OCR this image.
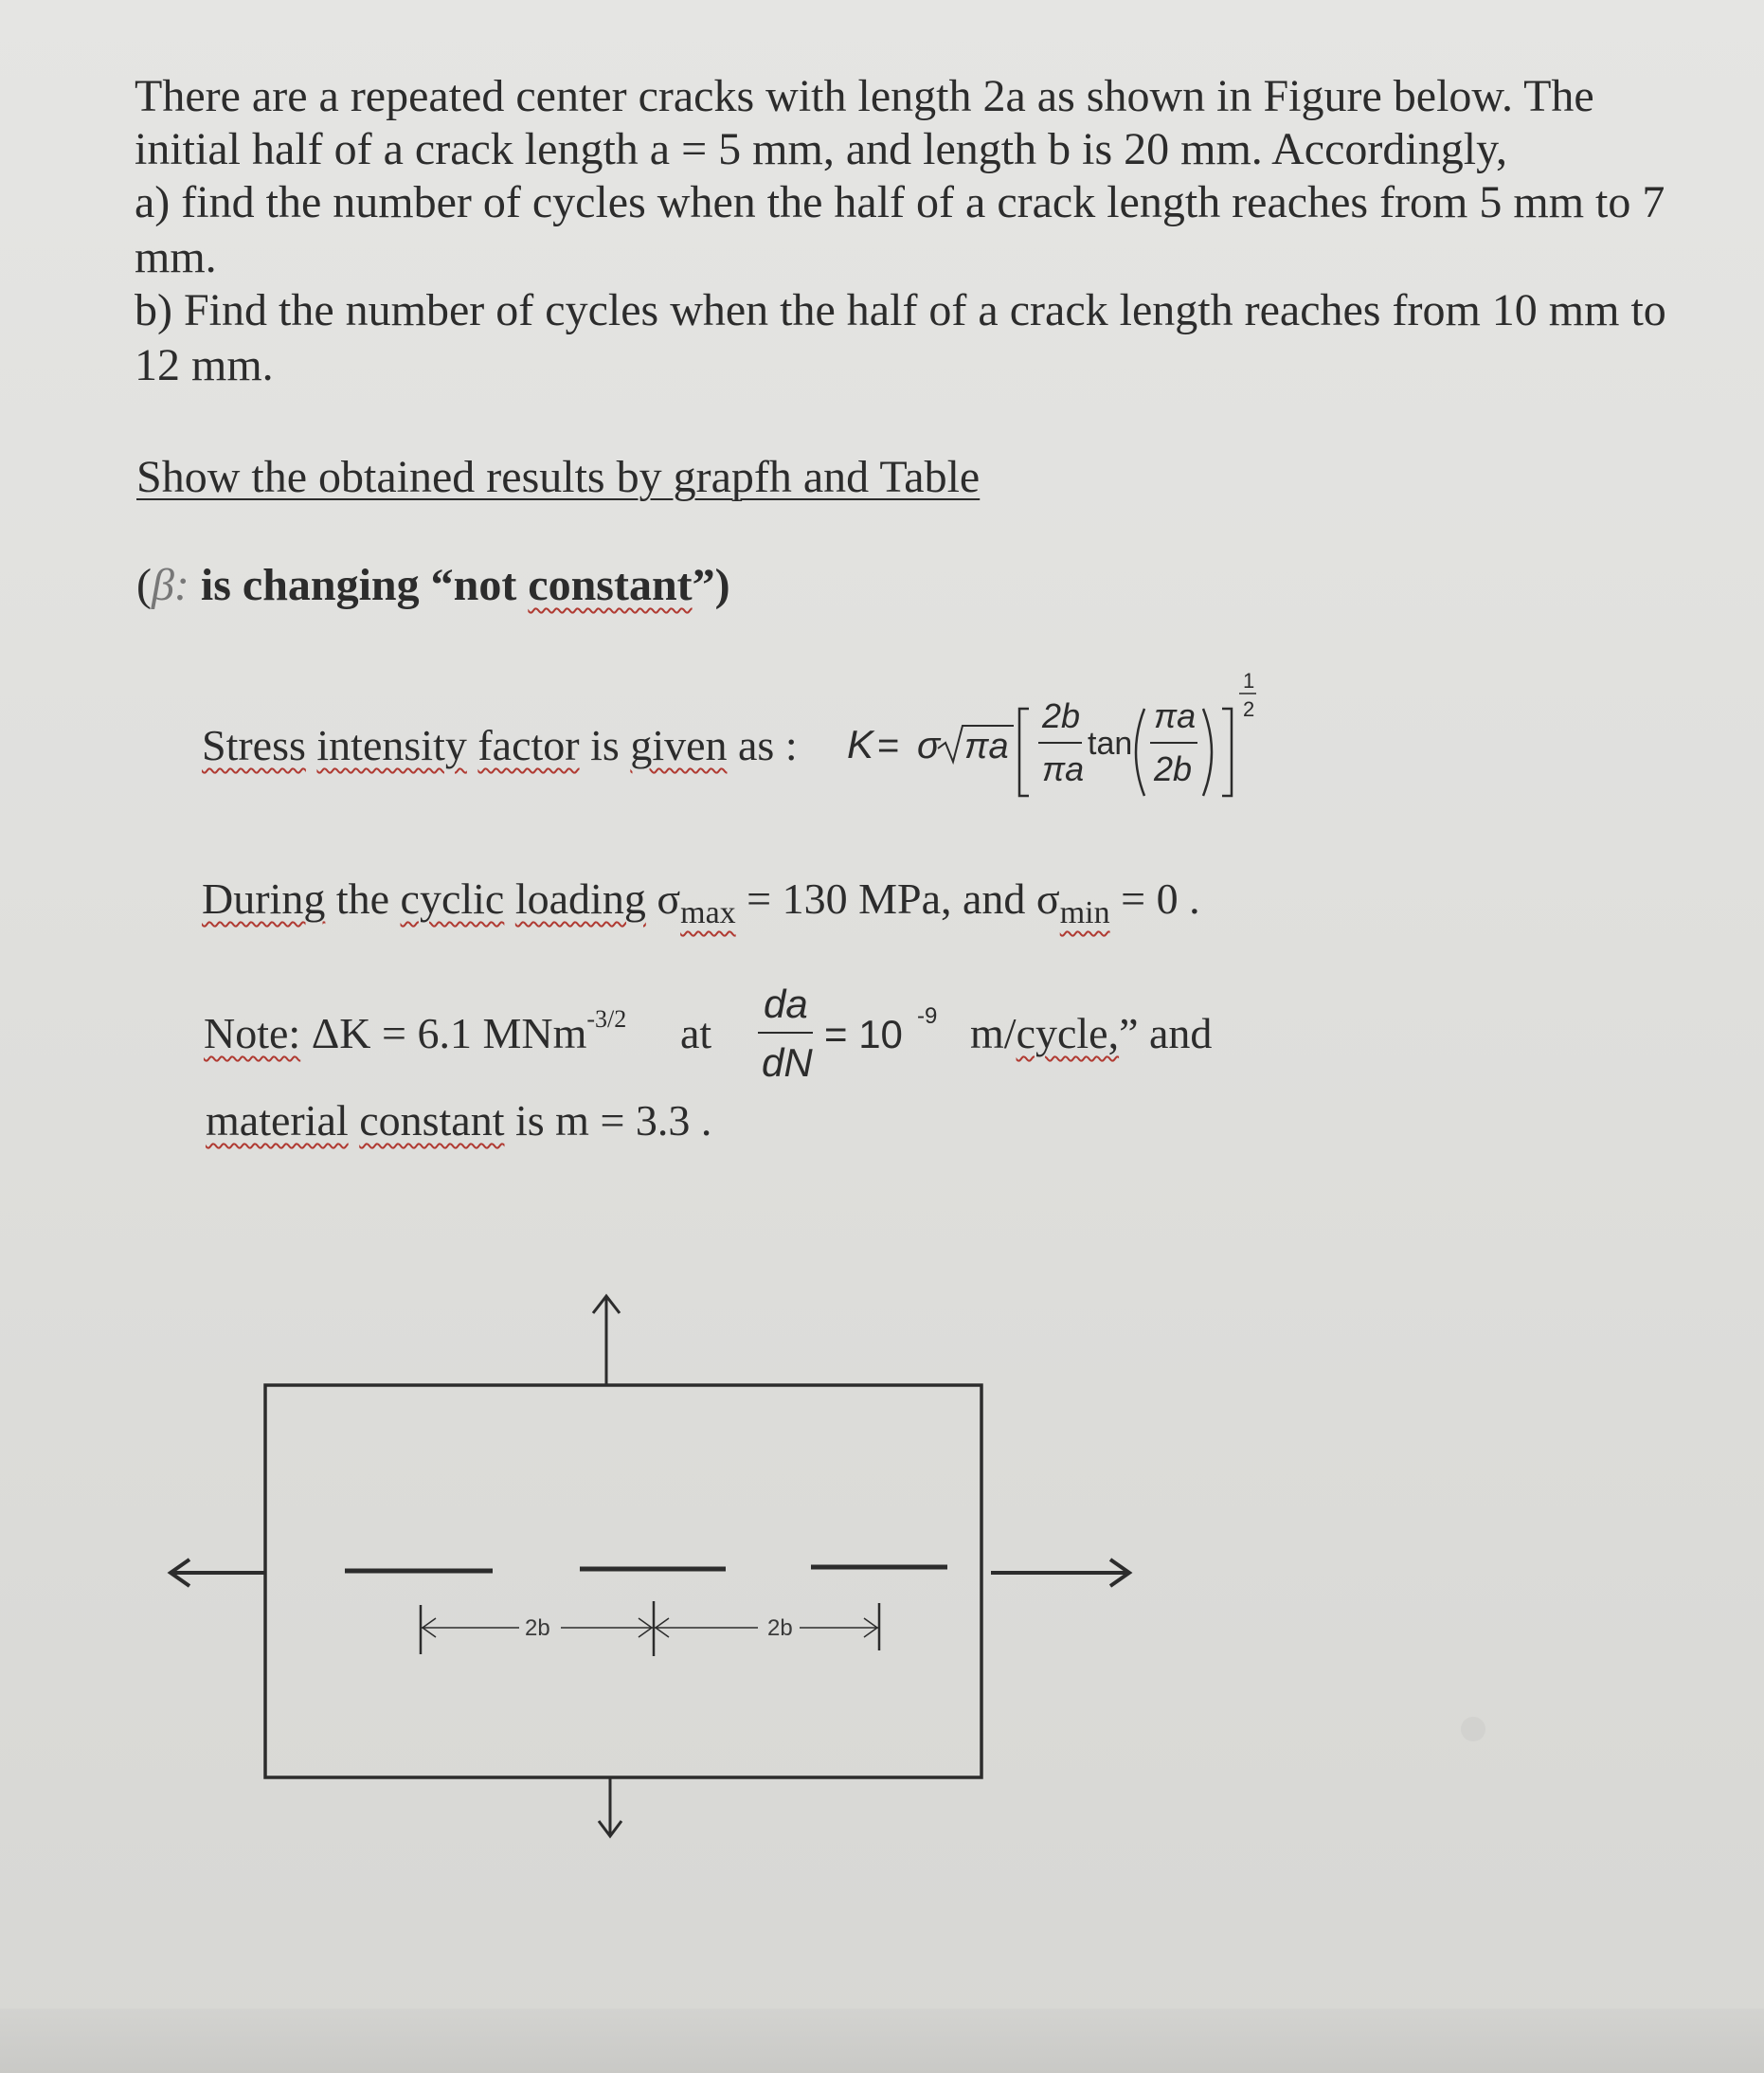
There are a repeated center cracks with length 2a as shown in Figure below. The
initial half of a crack length a = 5 mm, and length b is 20 mm. Accordingly,
a) find the number of cycles when the half of a crack length reaches from 5 mm to 7
mm.
b) Find the number of cycles when the half of a crack length reaches from 10 mm to
12 mm.
Show the obtained results by grapfh and Table
(β: is changing “not constant”)
Stress intensity factor is given as : K = σ πa
2b
πa
tan
πa
2b
1
2
During the cyclic loading $\sigma_{max} = 130$ MPa, and $\sigma_{min} = 0$ .
Note: ΔK = 6.1 MNm$^{-3/2}$ at
da
dN
= 10 -9 m/cycle,” and
material constant is m = 3.3 .
2b	2b
